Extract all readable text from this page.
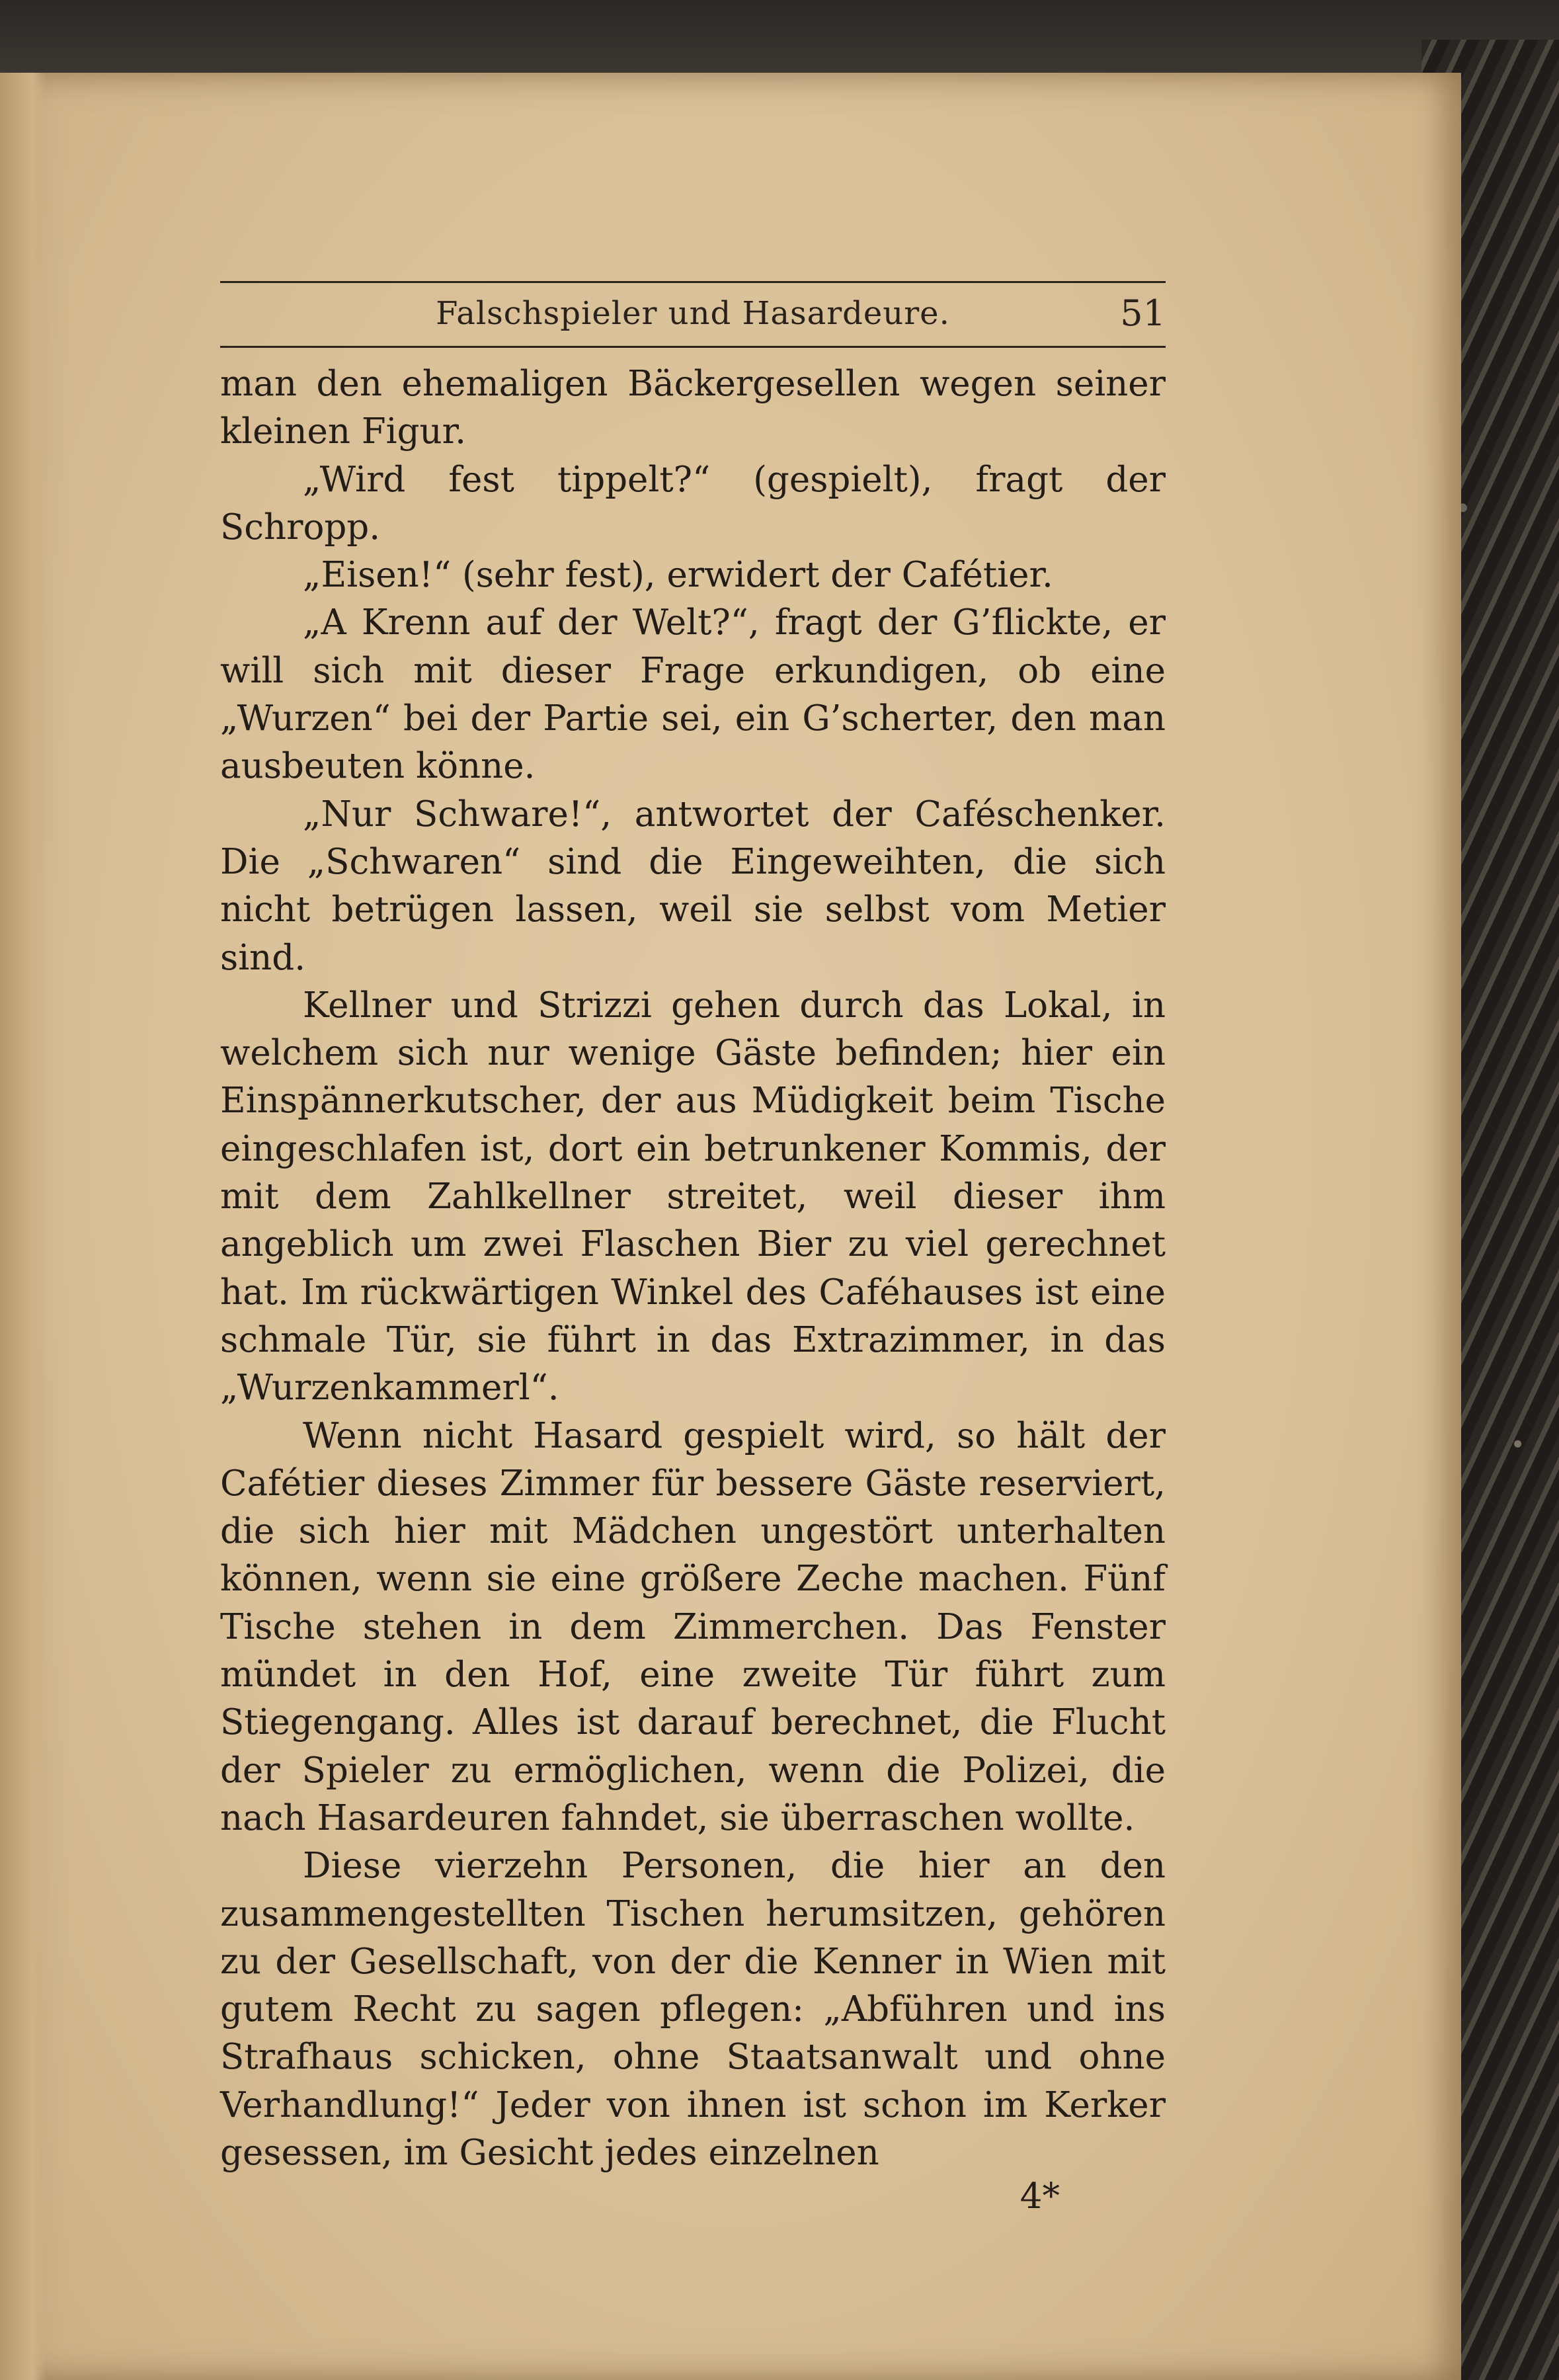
Falschspieler und Hasardeure.	51

man den ehemaligen Bäckergesellen wegen seiner kleinen Figur.

„Wird fest tippelt?“ (gespielt), fragt der Schropp.

„Eisen!“ (sehr fest), erwidert der Cafétier.

„A Krenn auf der Welt?“, fragt der G’flickte, er will sich mit dieser Frage erkundigen, ob eine „Wurzen“ bei der Partie sei, ein G’scherter, den man ausbeuten könne.

„Nur Schware!“, antwortet der Caféschenker. Die „Schwaren“ sind die Eingeweihten, die sich nicht betrügen lassen, weil sie selbst vom Metier sind.

Kellner und Strizzi gehen durch das Lokal, in welchem sich nur wenige Gäste befinden; hier ein Einspännerkutscher, der aus Müdigkeit beim Tische eingeschlafen ist, dort ein betrunkener Kommis, der mit dem Zahlkellner streitet, weil dieser ihm angeblich um zwei Flaschen Bier zu viel gerechnet hat. Im rückwärtigen Winkel des Caféhauses ist eine schmale Tür, sie führt in das Extrazimmer, in das „Wurzenkammerl“.

Wenn nicht Hasard gespielt wird, so hält der Cafétier dieses Zimmer für bessere Gäste reserviert, die sich hier mit Mädchen ungestört unterhalten können, wenn sie eine größere Zeche machen. Fünf Tische stehen in dem Zimmerchen. Das Fenster mündet in den Hof, eine zweite Tür führt zum Stiegengang. Alles ist darauf berechnet, die Flucht der Spieler zu ermöglichen, wenn die Polizei, die nach Hasardeuren fahndet, sie überraschen wollte.

Diese vierzehn Personen, die hier an den zusammengestellten Tischen herumsitzen, gehören zu der Gesellschaft, von der die Kenner in Wien mit gutem Recht zu sagen pflegen: „Abführen und ins Strafhaus schicken, ohne Staatsanwalt und ohne Verhandlung!“ Jeder von ihnen ist schon im Kerker gesessen, im Gesicht jedes einzelnen

4*
